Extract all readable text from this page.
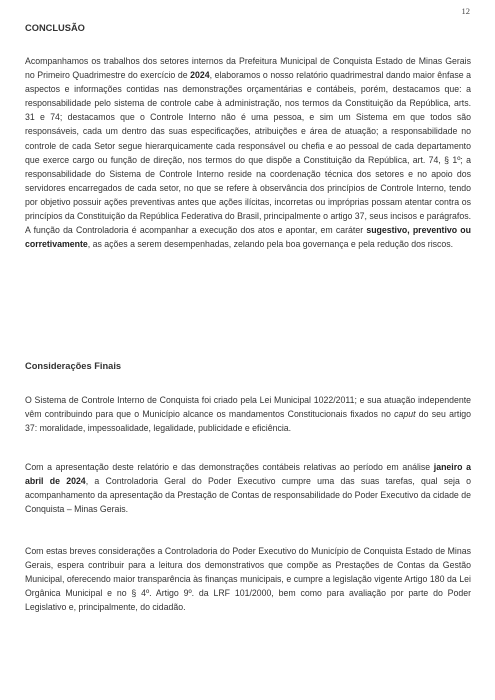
12
CONCLUSÃO

Acompanhamos os trabalhos dos setores internos da Prefeitura Municipal de Conquista Estado de Minas Gerais no Primeiro Quadrimestre do exercício de 2024, elaboramos o nosso relatório quadrimestral dando maior ênfase a aspectos e informações contidas nas demonstrações orçamentárias e contábeis, porém, destacamos que: a responsabilidade pelo sistema de controle cabe à administração, nos termos da Constituição da República, arts. 31 e 74; destacamos que o Controle Interno não é uma pessoa, e sim um Sistema em que todos são responsáveis, cada um dentro das suas especificações, atribuições e área de atuação; a responsabilidade no controle de cada Setor segue hierarquicamente cada responsável ou chefia e ao pessoal de cada departamento que exerce cargo ou função de direção, nos termos do que dispõe a Constituição da República, art. 74, § 1º; a responsabilidade do Sistema de Controle Interno reside na coordenação técnica dos setores e no apoio dos servidores encarregados de cada setor, no que se refere à observância dos princípios de Controle Interno, tendo por objetivo possuir ações preventivas antes que ações ilícitas, incorretas ou impróprias possam atentar contra os princípios da Constituição da República Federativa do Brasil, principalmente o artigo 37, seus incisos e parágrafos. A função da Controladoria é acompanhar a execução dos atos e apontar, em caráter sugestivo, preventivo ou corretivamente, as ações a serem desempenhadas, zelando pela boa governança e pela redução dos riscos.

Considerações Finais

O Sistema de Controle Interno de Conquista foi criado pela Lei Municipal 1022/2011; e sua atuação independente vêm contribuindo para que o Município alcance os mandamentos Constitucionais fixados no caput do seu artigo 37: moralidade, impessoalidade, legalidade, publicidade e eficiência.

Com a apresentação deste relatório e das demonstrações contábeis relativas ao período em análise janeiro a abril de 2024, a Controladoria Geral do Poder Executivo cumpre uma das suas tarefas, qual seja o acompanhamento da apresentação da Prestação de Contas de responsabilidade do Poder Executivo da cidade de Conquista – Minas Gerais.

Com estas breves considerações a Controladoria do Poder Executivo do Município de Conquista Estado de Minas Gerais, espera contribuir para a leitura dos demonstrativos que compõe as Prestações de Contas da Gestão Municipal, oferecendo maior transparência às finanças municipais, e cumpre a legislação vigente Artigo 180 da Lei Orgânica Municipal e no § 4º. Artigo 9º. da LRF 101/2000, bem como para avaliação por parte do Poder Legislativo e, principalmente, do cidadão.
